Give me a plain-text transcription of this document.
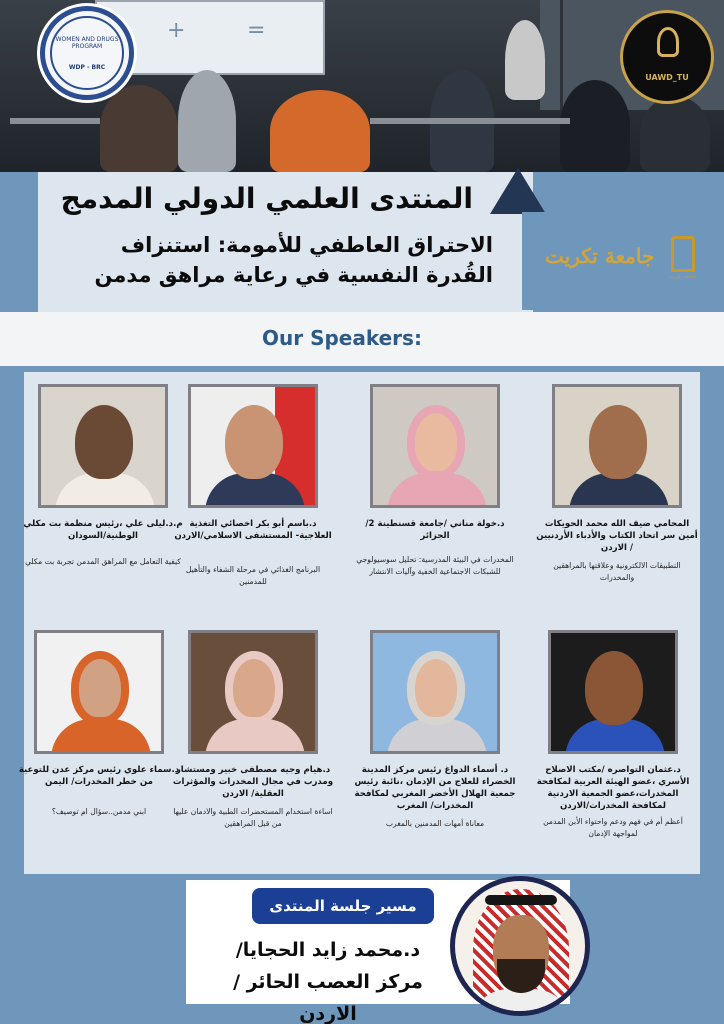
+	=
WOMEN AND DRUGS PROGRAM
WDP - BRC
UAWD_TU
المنتدى العلمي الدولي المدمج
الاحتراق العاطفي للأمومة: استنزاف القُدرة النفسية في رعاية مراهق مدمن
جامعة تكريت
جامعة تكريت
Our Speakers:
م.د.ليلى علي ،رئيس منظمة بت مكلي الوطنية/السودان
كيفية التعامل مع المراهق المدمن تجربة بت مكلي
د.باسم أبو بكر اخصائي التغذية العلاجية- المستشفى الاسلامي/الاردن
البرنامج الغذائي في مرحلة الشفاء والتأهيل للمدمنين
د.خولة مناني /جامعة قسنطينة 2/ الجزائر
المخدرات في البيئة المدرسية: تحليل سوسيولوجي للشبكات الاجتماعية الخفية وآليات الانتشار
المحامي ضيف الله محمد الحويكات أمين سر اتحاد الكتاب والأدباء الأردنيين / الاردن
التطبيقات الالكترونية وعلاقتها بالمراهقين والمخدرات
د.سماء علوي رئيس مركز عدن للتوعية من خطر المخدرات/ اليمن
ابني مدمن..سؤال ام توصيف؟
د.هيام وجيه مصطفى خبير ومستشار ومدرب في مجال المخدرات والمؤثرات العقلية/ الاردن
اساءة استخدام المستحضرات الطبية والادمان عليها من قبل المراهقين
د. أسماء الدواغ رئيس مركز المدينة الخضراء للعلاج من الإدمان ،نائبة رئيس جمعية الهلال الأخضر المغربي لمكافحة المخدرات/ المغرب
معاناة أمهات المدمنين بالمغرب
د.عثمان التواصره /مكتب الاصلاح الأسري ،عضو الهيئة العربية لمكافحة المخدرات،عضو الجمعية الاردنية لمكافحة المخدرات/الاردن
أعظم أم في فهم ودعم واحتواء الأبن المدمن لمواجهة الإدمان
مسير جلسة المنتدى
د.محمد زايد الحجايا/مركز العصب الحائر / الاردن
